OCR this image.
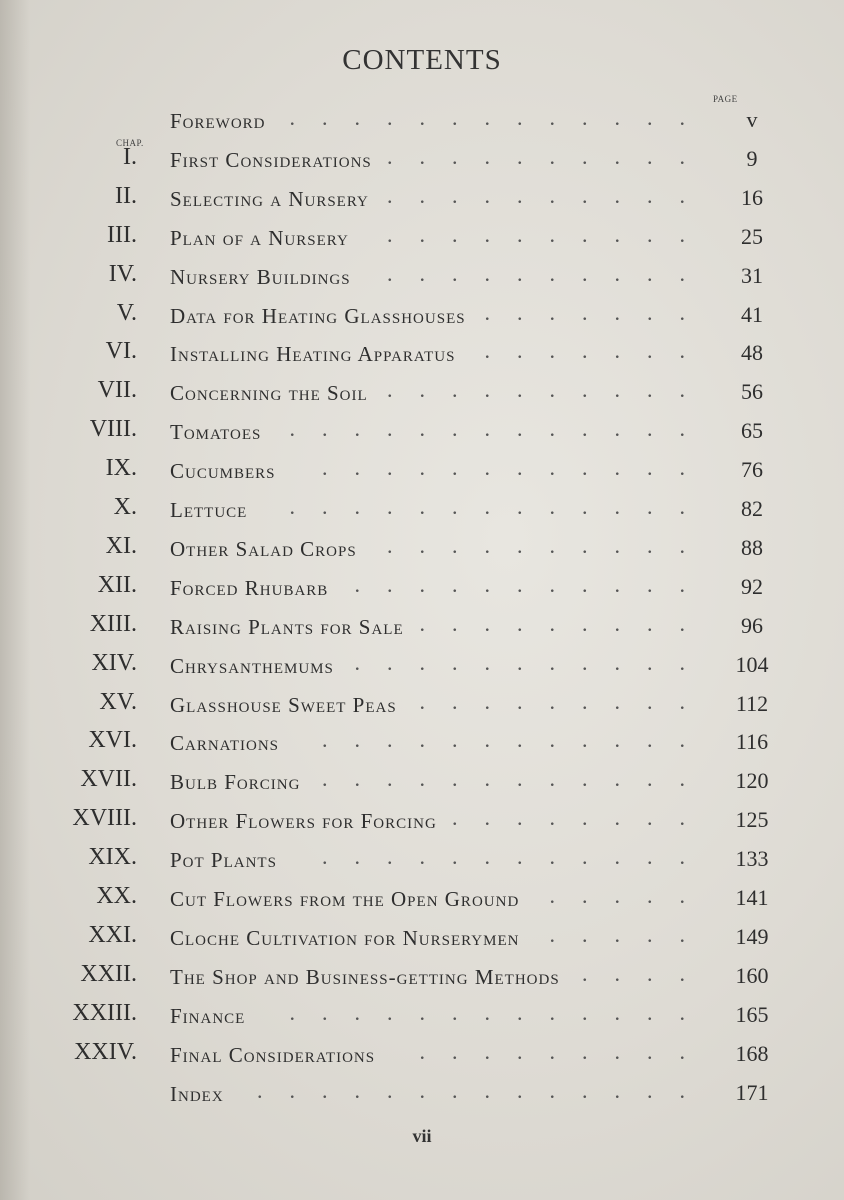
CONTENTS
PAGE
CHAP.
Foreword .............	v
I. First Considerations ..........	9
II. Selecting a Nursery ..........	16
III. Plan of a Nursery ..........	25
IV. Nursery Buildings ..........	31
V. Data for Heating Glasshouses .......	41
VI. Installing Heating Apparatus .......	48
VII. Concerning the Soil ..........	56
VIII. Tomatoes .............	65
IX. Cucumbers ............	76
X. Lettuce .............	82
XI. Other Salad Crops ..........	88
XII. Forced Rhubarb ...........	92
XIII. Raising Plants for Sale .........	96
XIV. Chrysanthemums ...........	104
XV. Glasshouse Sweet Peas .........	112
XVI. Carnations ............	116
XVII. Bulb Forcing ............	120
XVIII. Other Flowers for Forcing ........	125
XIX. Pot Plants ............	133
XX. Cut Flowers from the Open Ground .....	141
XXI. Cloche Cultivation for Nurserymen .....	149
XXII. The Shop and Business-getting Methods ....	160
XXIII. Finance .............	165
XXIV. Final Considerations .........	168
Index ..............	171
vii
